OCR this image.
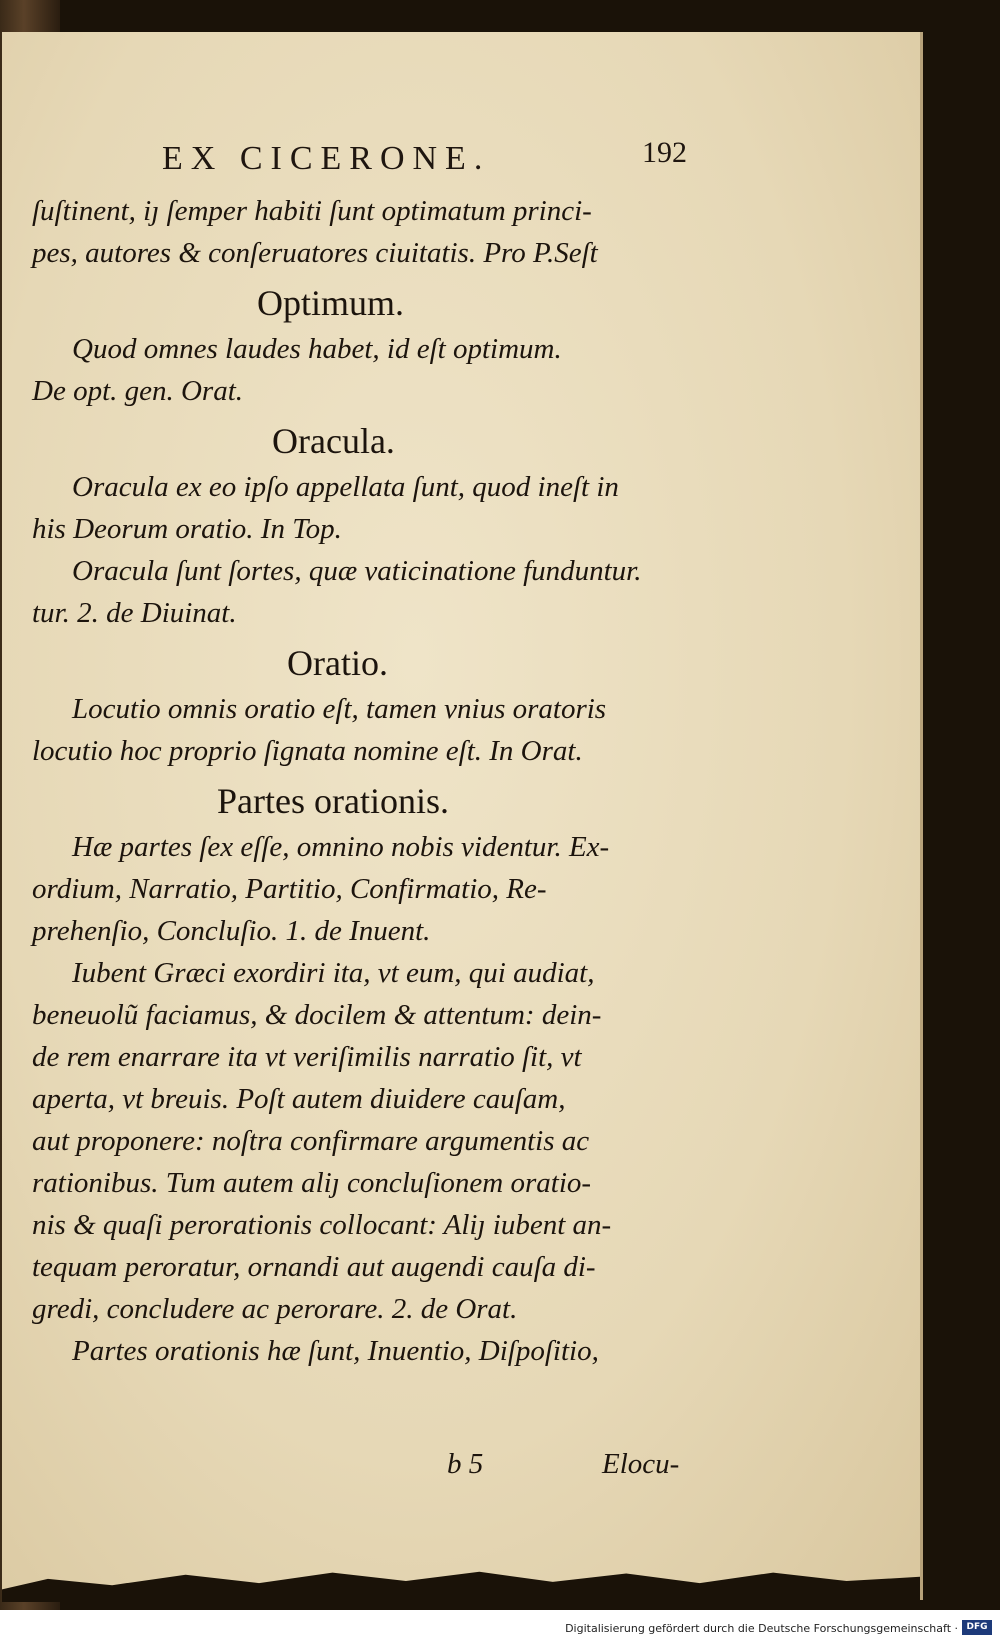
EX CICERONE.	192

ſuſtinent, iȷ ſemper habiti ſunt optimatum princi-

pes, autores & conſeruatores ciuitatis. Pro P.Seſt

Optimum.

Quod omnes laudes habet, id eſt optimum.

De opt. gen. Orat.

Oracula.

Oracula ex eo ipſo appellata ſunt, quod ineſt in

his Deorum oratio. In Top.

Oracula ſunt ſortes, quæ vaticinatione funduntur.

tur. 2. de Diuinat.

Oratio.

Locutio omnis oratio eſt, tamen vnius oratoris

locutio hoc proprio ſignata nomine eſt. In Orat.

Partes orationis.

Hæ partes ſex eſſe, omnino nobis videntur. Ex-

ordium, Narratio, Partitio, Confirmatio, Re-

prehenſio, Concluſio. 1. de Inuent.

Iubent Græci exordiri ita, vt eum, qui audiat,

beneuolũ faciamus, & docilem & attentum: dein-

de rem enarrare ita vt veriſimilis narratio ſit, vt

aperta, vt breuis. Poſt autem diuidere cauſam,

aut proponere: noſtra confirmare argumentis ac

rationibus. Tum autem aliȷ concluſionem oratio-

nis & quaſi perorationis collocant: Aliȷ iubent an-

tequam peroratur, ornandi aut augendi cauſa di-

gredi, concludere ac perorare. 2. de Orat.

Partes orationis hæ ſunt, Inuentio, Diſpoſitio,

b 5	Elocu-
Digitalisierung gefördert durch die Deutsche Forschungsgemeinschaft · DFG
